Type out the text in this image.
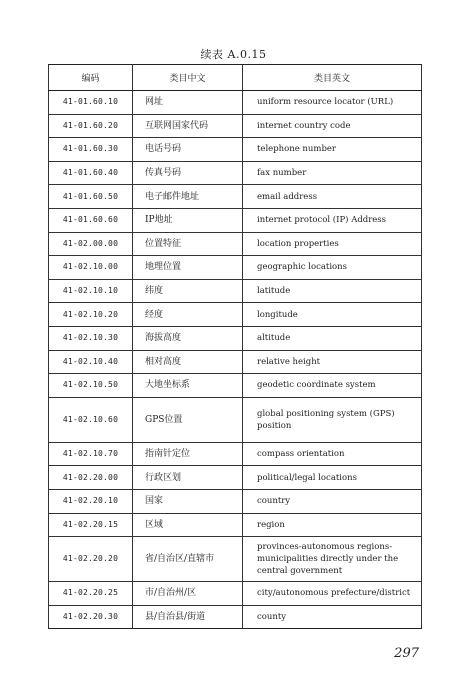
续表 A.0.15
编码	类目中文	类目英文
41-01.60.10	网址	uniform resource locator (URL)
41-01.60.20	互联网国家代码	internet country code
41-01.60.30	电话号码	telephone number
41-01.60.40	传真号码	fax number
41-01.60.50	电子邮件地址	email address
41-01.60.60	IP地址	internet protocol (IP) Address
41-02.00.00	位置特征	location properties
41-02.10.00	地理位置	geographic locations
41-02.10.10	纬度	latitude
41-02.10.20	经度	longitude
41-02.10.30	海拔高度	altitude
41-02.10.40	相对高度	relative height
41-02.10.50	大地坐标系	geodetic coordinate system
41-02.10.60	GPS位置	global positioning system (GPS) position
41-02.10.70	指南针定位	compass orientation
41-02.20.00	行政区划	political/legal locations
41-02.20.10	国家	country
41-02.20.15	区域	region
41-02.20.20	省/自治区/直辖市	provinces-autonomous regions-municipalities directly under the central government
41-02.20.25	市/自治州/区	city/autonomous prefecture/district
41-02.20.30	县/自治县/街道	county
297
